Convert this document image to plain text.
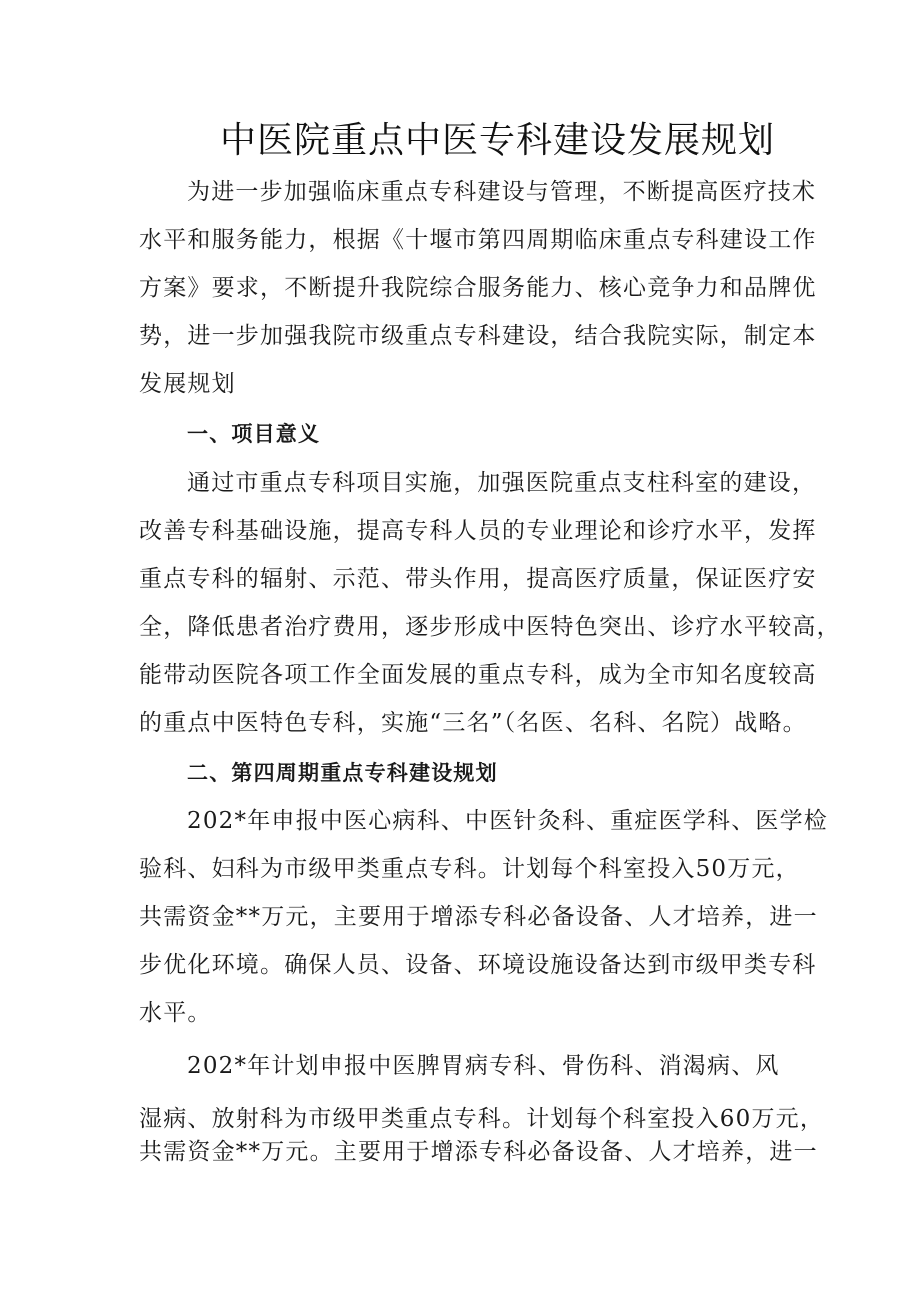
中医院重点中医专科建设发展规划
为进一步加强临床重点专科建设与管理，不断提高医疗技术
水平和服务能力，根据《十堰市第四周期临床重点专科建设工作
方案》要求，不断提升我院综合服务能力、核心竞争力和品牌优
势，进一步加强我院市级重点专科建设，结合我院实际，制定本
发展规划
一、项目意义
通过市重点专科项目实施，加强医院重点支柱科室的建设，
改善专科基础设施，提高专科人员的专业理论和诊疗水平，发挥
重点专科的辐射、示范、带头作用，提高医疗质量，保证医疗安
全，降低患者治疗费用，逐步形成中医特色突出、诊疗水平较高，
能带动医院各项工作全面发展的重点专科，成为全市知名度较高
的重点中医特色专科，实施“三名”（名医、名科、名院）战略。
二、第四周期重点专科建设规划
202*年申报中医心病科、中医针灸科、重症医学科、医学检
验科、妇科为市级甲类重点专科。计划每个科室投入50万元，
共需资金**万元，主要用于增添专科必备设备、人才培养，进一
步优化环境。确保人员、设备、环境设施设备达到市级甲类专科
水平。
202*年计划申报中医脾胃病专科、骨伤科、消渴病、风
湿病、放射科为市级甲类重点专科。计划每个科室投入60万元，
共需资金**万元。主要用于增添专科必备设备、人才培养，进一
